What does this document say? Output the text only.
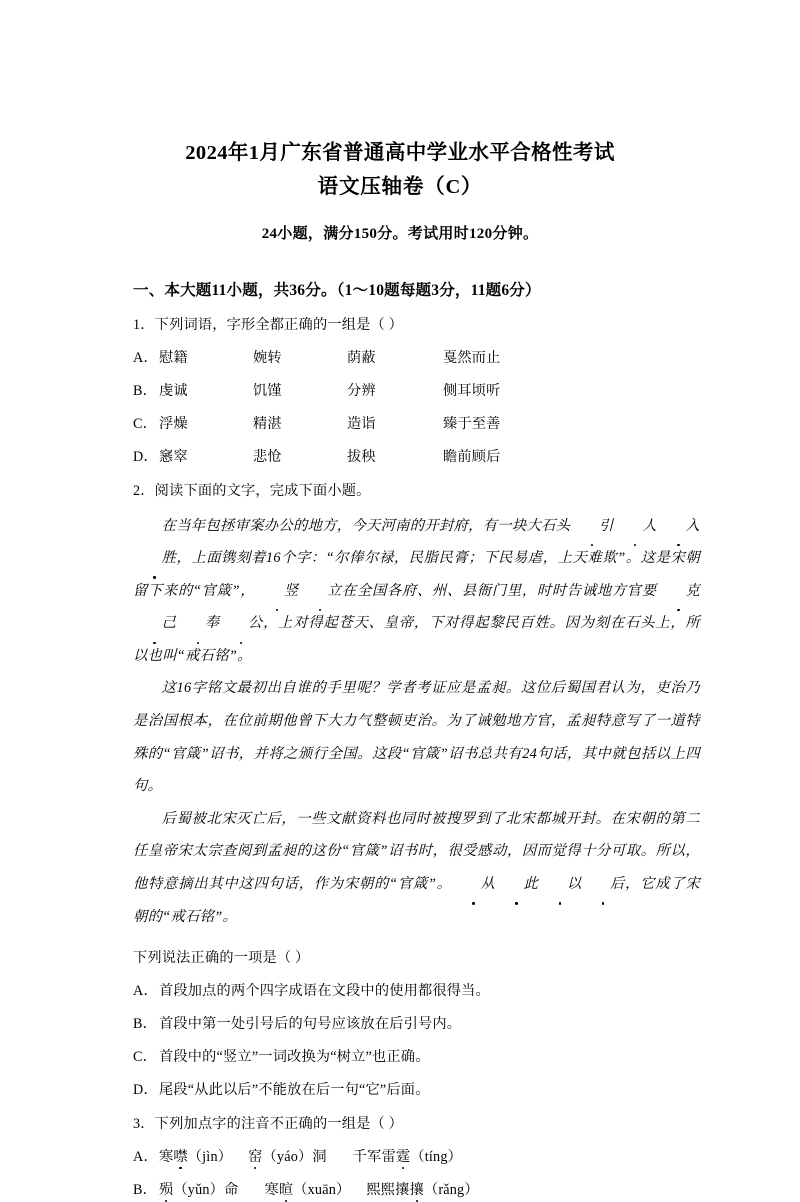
2024年1月广东省普通高中学业水平合格性考试
语文压轴卷（C）
24小题，满分150分。考试用时120分钟。
一、本大题11小题，共36分。（1～10题每题3分，11题6分）
1．下列词语，字形全都正确的一组是（ ）
A．慰籍	婉转	荫蔽	戛然而止
B． 虔诚	饥馑	分辨	侧耳顷听
C． 浮燥	精湛	造诣	臻于至善
D．窸窣	悲怆	拔秧	瞻前顾后
2．阅读下面的文字，完成下面小题。

在当年包拯审案办公的地方，今天河南的开封府，有一块大石头 引 人 入胜，上面镌刻着16个字：“尔俸尔禄，民脂民膏；下民易虐，上天难欺”。这是宋朝留下来的“官箴”， 竖 立在全国各府、州、县衙门里，时时告诫地方官要 克己 奉 公，上对得起苍天、皇帝，下对得起黎民百姓。因为刻在石头上，所以也叫“戒石铭”。

这16字铭文最初出自谁的手里呢？学者考证应是孟昶。这位后蜀国君认为，吏治乃是治国根本，在位前期他曾下大力气整顿吏治。为了诫勉地方官，孟昶特意写了一道特殊的“官箴”诏书，并将之颁行全国。这段“官箴”诏书总共有24句话，其中就包括以上四句。

后蜀被北宋灭亡后，一些文献资料也同时被搜罗到了北宋都城开封。在宋朝的第二任皇帝宋太宗查阅到孟昶的这份“官箴”诏书时，很受感动，因而觉得十分可取。所以，他特意摘出其中这四句话，作为宋朝的“官箴”。 从 此 以 后，它成了宋朝的“戒石铭”。

下列说法正确的一项是（ ）
A．首段加点的两个四字成语在文段中的使用都很得当。
B． 首段中第一处引号后的句号应该放在后引号内。
C． 首段中的“竖立”一词改换为“树立”也正确。
D．尾段“从此以后”不能放在后一句“它”后面。
3．下列加点字的注音不正确的一组是（ ）
A．寒噤（jìn） 窑（yáo）洞 千军雷霆（tíng）
B． 殒（yǔn）命 寒暄（xuān） 熙熙攘攘（rǎng）
